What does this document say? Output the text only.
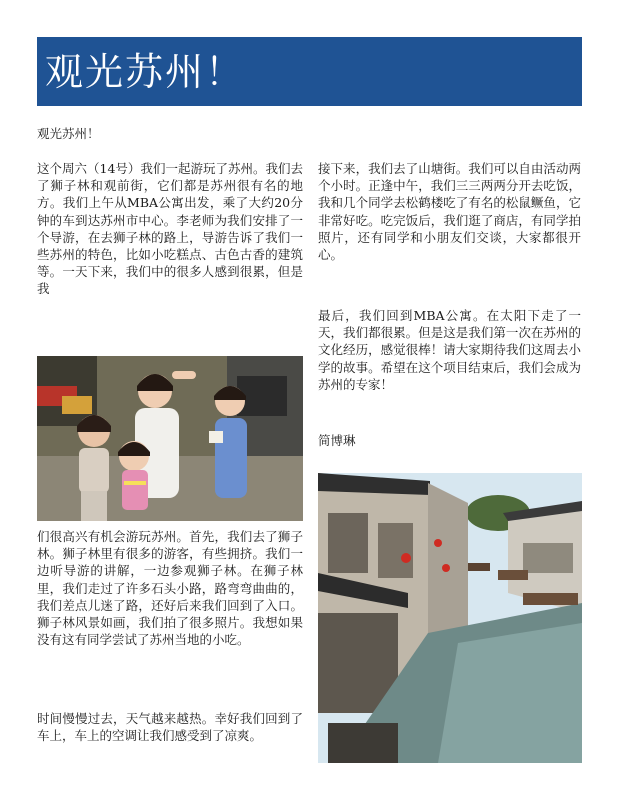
观光苏州！

观光苏州！

这个周六（14号）我们一起游玩了苏州。我们去了狮子林和观前街，它们都是苏州很有名的地方。我们上午从MBA公寓出发，乘了大约20分钟的车到达苏州市中心。李老师为我们安排了一个导游，在去狮子林的路上，导游告诉了我们一些苏州的特色，比如小吃糕点、古色古香的建筑等。一天下来，我们中的很多人感到很累，但是我

们很高兴有机会游玩苏州。首先，我们去了狮子林。狮子林里有很多的游客，有些拥挤。我们一边听导游的讲解，一边参观狮子林。在狮子林里，我们走过了许多石头小路，路弯弯曲曲的，我们差点儿迷了路，还好后来我们回到了入口。狮子林风景如画，我们拍了很多照片。我想如果没有这有同学尝试了苏州当地的小吃。

时间慢慢过去，天气越来越热。幸好我们回到了车上，车上的空调让我们感受到了凉爽。

接下来，我们去了山塘街。我们可以自由活动两个小时。正逢中午，我们三三两两分开去吃饭，我和几个同学去松鹤楼吃了有名的松鼠鳜鱼，它非常好吃。吃完饭后，我们逛了商店，有同学拍照片，还有同学和小朋友们交谈，大家都很开心。

最后，我们回到MBA公寓。在太阳下走了一天，我们都很累。但是这是我们第一次在苏州的文化经历，感觉很棒！请大家期待我们这周去小学的故事。希望在这个项目结束后，我们会成为苏州的专家！

简博琳
